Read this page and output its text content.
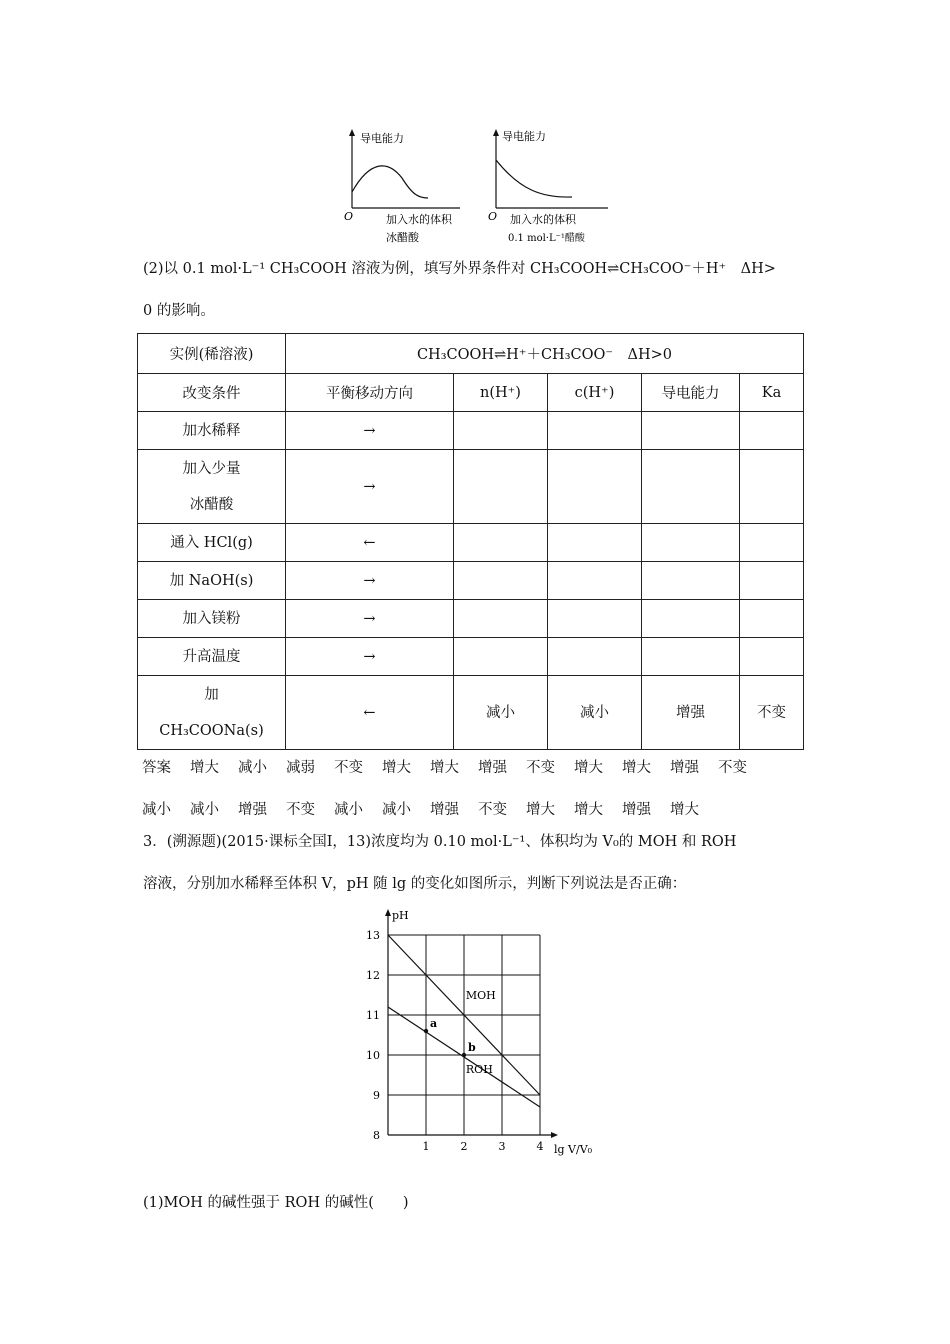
导电能力
O	加入水的体积
冰醋酸
导电能力
O 加入水的体积
0.1 mol·L⁻¹醋酸
(2)以 0.1 mol·L⁻¹ CH₃COOH 溶液为例，填写外界条件对 CH₃COOH⇌CH₃COO⁻＋H⁺　ΔH>
0 的影响。
实例(稀溶液)	CH₃COOH⇌H⁺＋CH₃COO⁻　ΔH>0				
改变条件	平衡移动方向	n(H⁺)	c(H⁺)	导电能力	Ka
加水稀释	→				
加入少量
冰醋酸	→				
通入 HCl(g)	←				
加 NaOH(s)	→				
加入镁粉	→				
升高温度	→				
加
CH₃COONa(s)	←	减小	减小	增强	不变
答案 增大 减小 减弱 不变 增大 增大 增强 不变 增大 增大 增强 不变
减小 减小 增强 不变 减小 减小 增强 不变 增大 增大 增强 增大
3．(溯源题)(2015·课标全国Ⅰ，13)浓度均为 0.10 mol·L⁻¹、体积均为 V₀的 MOH 和 ROH
溶液，分别加水稀释至体积 V，pH 随 lg 的变化如图所示，判断下列说法是否正确：
8
9
10
11
12
13
1	2	3	4
pH
lg V/V₀
MOH
ROH
a
b
(1)MOH 的碱性强于 ROH 的碱性(　　)
